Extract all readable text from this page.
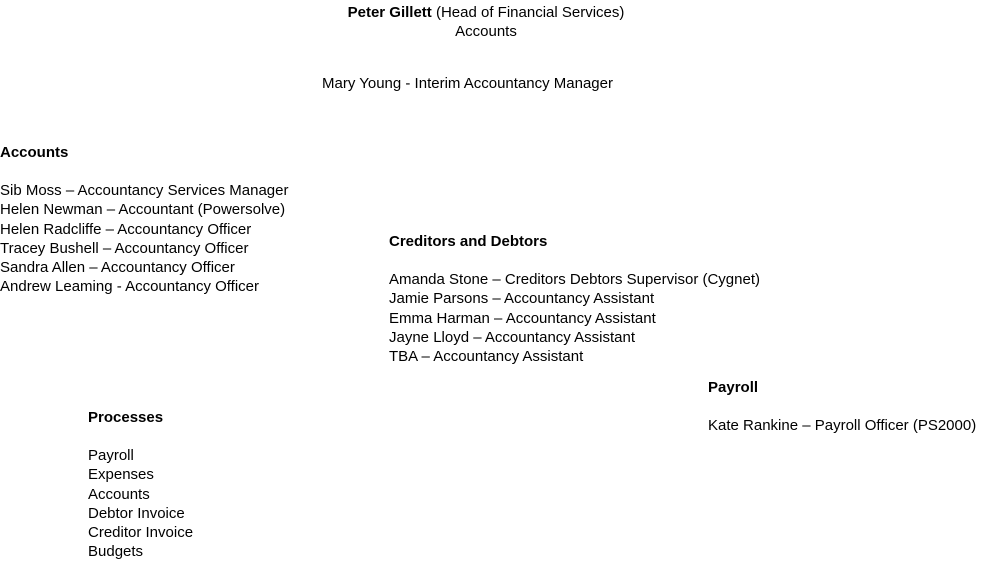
Peter Gillett (Head of Financial Services)
Accounts
Mary Young - Interim Accountancy Manager
Accounts
Sib Moss – Accountancy Services Manager
Helen Newman – Accountant (Powersolve)
Helen Radcliffe – Accountancy Officer
Tracey Bushell – Accountancy Officer
Sandra Allen – Accountancy Officer
Andrew Leaming - Accountancy Officer
Creditors and Debtors
Amanda Stone – Creditors Debtors Supervisor (Cygnet)
Jamie Parsons – Accountancy Assistant
Emma Harman – Accountancy Assistant
Jayne Lloyd – Accountancy Assistant
TBA – Accountancy Assistant
Payroll
Kate Rankine – Payroll Officer (PS2000)
Processes
Payroll
Expenses
Accounts
Debtor Invoice
Creditor Invoice
Budgets
